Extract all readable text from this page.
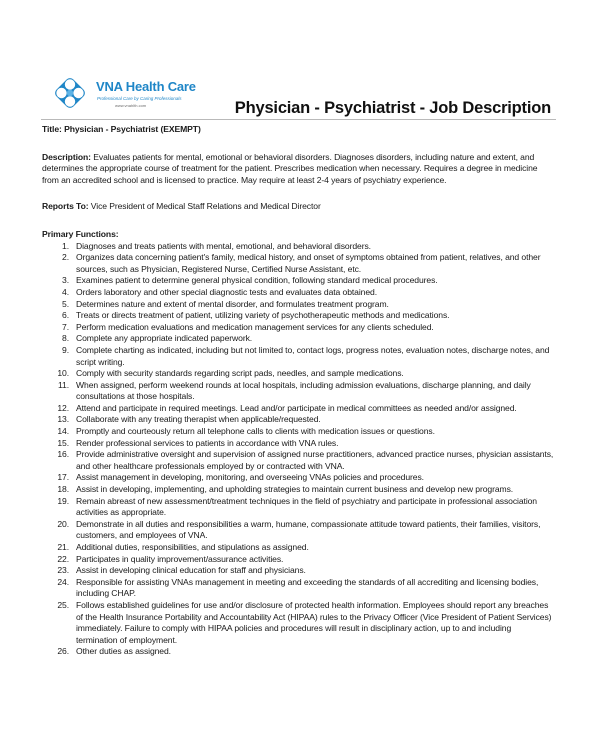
VNA Health Care
Professional Care by Caring Professionals
www.vnahlth.com	Physician - Psychiatrist - Job Description

Title: Physician - Psychiatrist (EXEMPT)

Description: Evaluates patients for mental, emotional or behavioral disorders. Diagnoses disorders, including nature and extent, and determines the appropriate course of treatment for the patient. Prescribes medication when necessary. Requires a degree in medicine from an accredited school and is licensed to practice. May require at least 2-4 years of psychiatry experience.

Reports To: Vice President of Medical Staff Relations and Medical Director

Primary Functions:

1. Diagnoses and treats patients with mental, emotional, and behavioral disorders.
2. Organizes data concerning patient's family, medical history, and onset of symptoms obtained from patient, relatives, and other sources, such as Physician, Registered Nurse, Certified Nurse Assistant, etc.
3. Examines patient to determine general physical condition, following standard medical procedures.
4. Orders laboratory and other special diagnostic tests and evaluates data obtained.
5. Determines nature and extent of mental disorder, and formulates treatment program.
6. Treats or directs treatment of patient, utilizing variety of psychotherapeutic methods and medications.
7. Perform medication evaluations and medication management services for any clients scheduled.
8. Complete any appropriate indicated paperwork.
9. Complete charting as indicated, including but not limited to, contact logs, progress notes, evaluation notes, discharge notes, and script writing.
10. Comply with security standards regarding script pads, needles, and sample medications.
11. When assigned, perform weekend rounds at local hospitals, including admission evaluations, discharge planning, and daily consultations at those hospitals.
12. Attend and participate in required meetings. Lead and/or participate in medical committees as needed and/or assigned.
13. Collaborate with any treating therapist when applicable/requested.
14. Promptly and courteously return all telephone calls to clients with medication issues or questions.
15. Render professional services to patients in accordance with VNA rules.
16. Provide administrative oversight and supervision of assigned nurse practitioners, advanced practice nurses, physician assistants, and other healthcare professionals employed by or contracted with VNA.
17. Assist management in developing, monitoring, and overseeing VNAs policies and procedures.
18. Assist in developing, implementing, and upholding strategies to maintain current business and develop new programs.
19. Remain abreast of new assessment/treatment techniques in the field of psychiatry and participate in professional association activities as appropriate.
20. Demonstrate in all duties and responsibilities a warm, humane, compassionate attitude toward patients, their families, visitors, customers, and employees of VNA.
21. Additional duties, responsibilities, and stipulations as assigned.
22. Participates in quality improvement/assurance activities.
23. Assist in developing clinical education for staff and physicians.
24. Responsible for assisting VNAs management in meeting and exceeding the standards of all accrediting and licensing bodies, including CHAP.
25. Follows established guidelines for use and/or disclosure of protected health information. Employees should report any breaches of the Health Insurance Portability and Accountability Act (HIPAA) rules to the Privacy Officer (Vice President of Patient Services) immediately. Failure to comply with HIPAA policies and procedures will result in disciplinary action, up to and including termination of employment.
26. Other duties as assigned.
